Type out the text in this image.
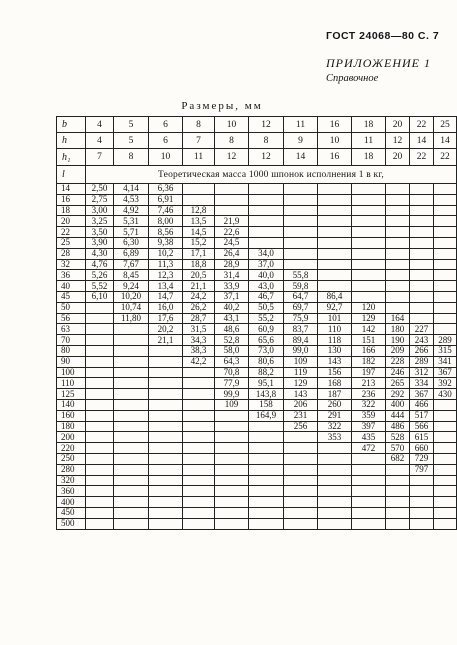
ГОСТ 24068—80 С. 7
ПРИЛОЖЕНИЕ 1
Справочное
Размеры, мм
b	4	5	6	8	10	12	11	16	18	20	22	25
h	4	5	6	7	8	8	9	10	11	12	14	14
h₁	7	8	10	11	12	12	14	16	18	20	22	22
l	Теоретическая масса 1000 шпонок исполнения 1 в кг,											
14	2,50	4,14	6,36									
16	2,75	4,53	6,91									
18	3,00	4,92	7,46	12,8								
20	3,25	5,31	8,00	13,5	21,9							
22	3,50	5,71	8,56	14,5	22,6							
25	3,90	6,30	9,38	15,2	24,5							
28	4,30	6,89	10,2	17,1	26,4	34,0						
32	4,76	7,67	11,3	18,8	28,9	37,0						
36	5,26	8,45	12,3	20,5	31,4	40,0	55,8					
40	5,52	9,24	13,4	21,1	33,9	43,0	59,8					
45	6,10	10,20	14,7	24,2	37,1	46,7	64,7	86,4				
50		10,74	16,0	26,2	40,2	50,5	69,7	92,7	120			
56		11,80	17,6	28,7	43,1	55,2	75,9	101	129	164		
63			20,2	31,5	48,6	60,9	83,7	110	142	180	227	
70			21,1	34,3	52,8	65,6	89,4	118	151	190	243	289
80				38,3	58,0	73,0	99,0	130	166	209	266	315
90				42,2	64,3	80,6	109	143	182	228	289	341
100					70,8	88,2	119	156	197	246	312	367
110					77,9	95,1	129	168	213	265	334	392
125					99,9	143,8	143	187	236	292	367	430
140					109	158	206	260	322	400	466	
160						164,9	231	291	359	444	517	
180							256	322	397	486	566	
200								353	435	528	615	
220									472	570	660	
250										682	729	
280											797	
320												
360												
400												
450												
500												
